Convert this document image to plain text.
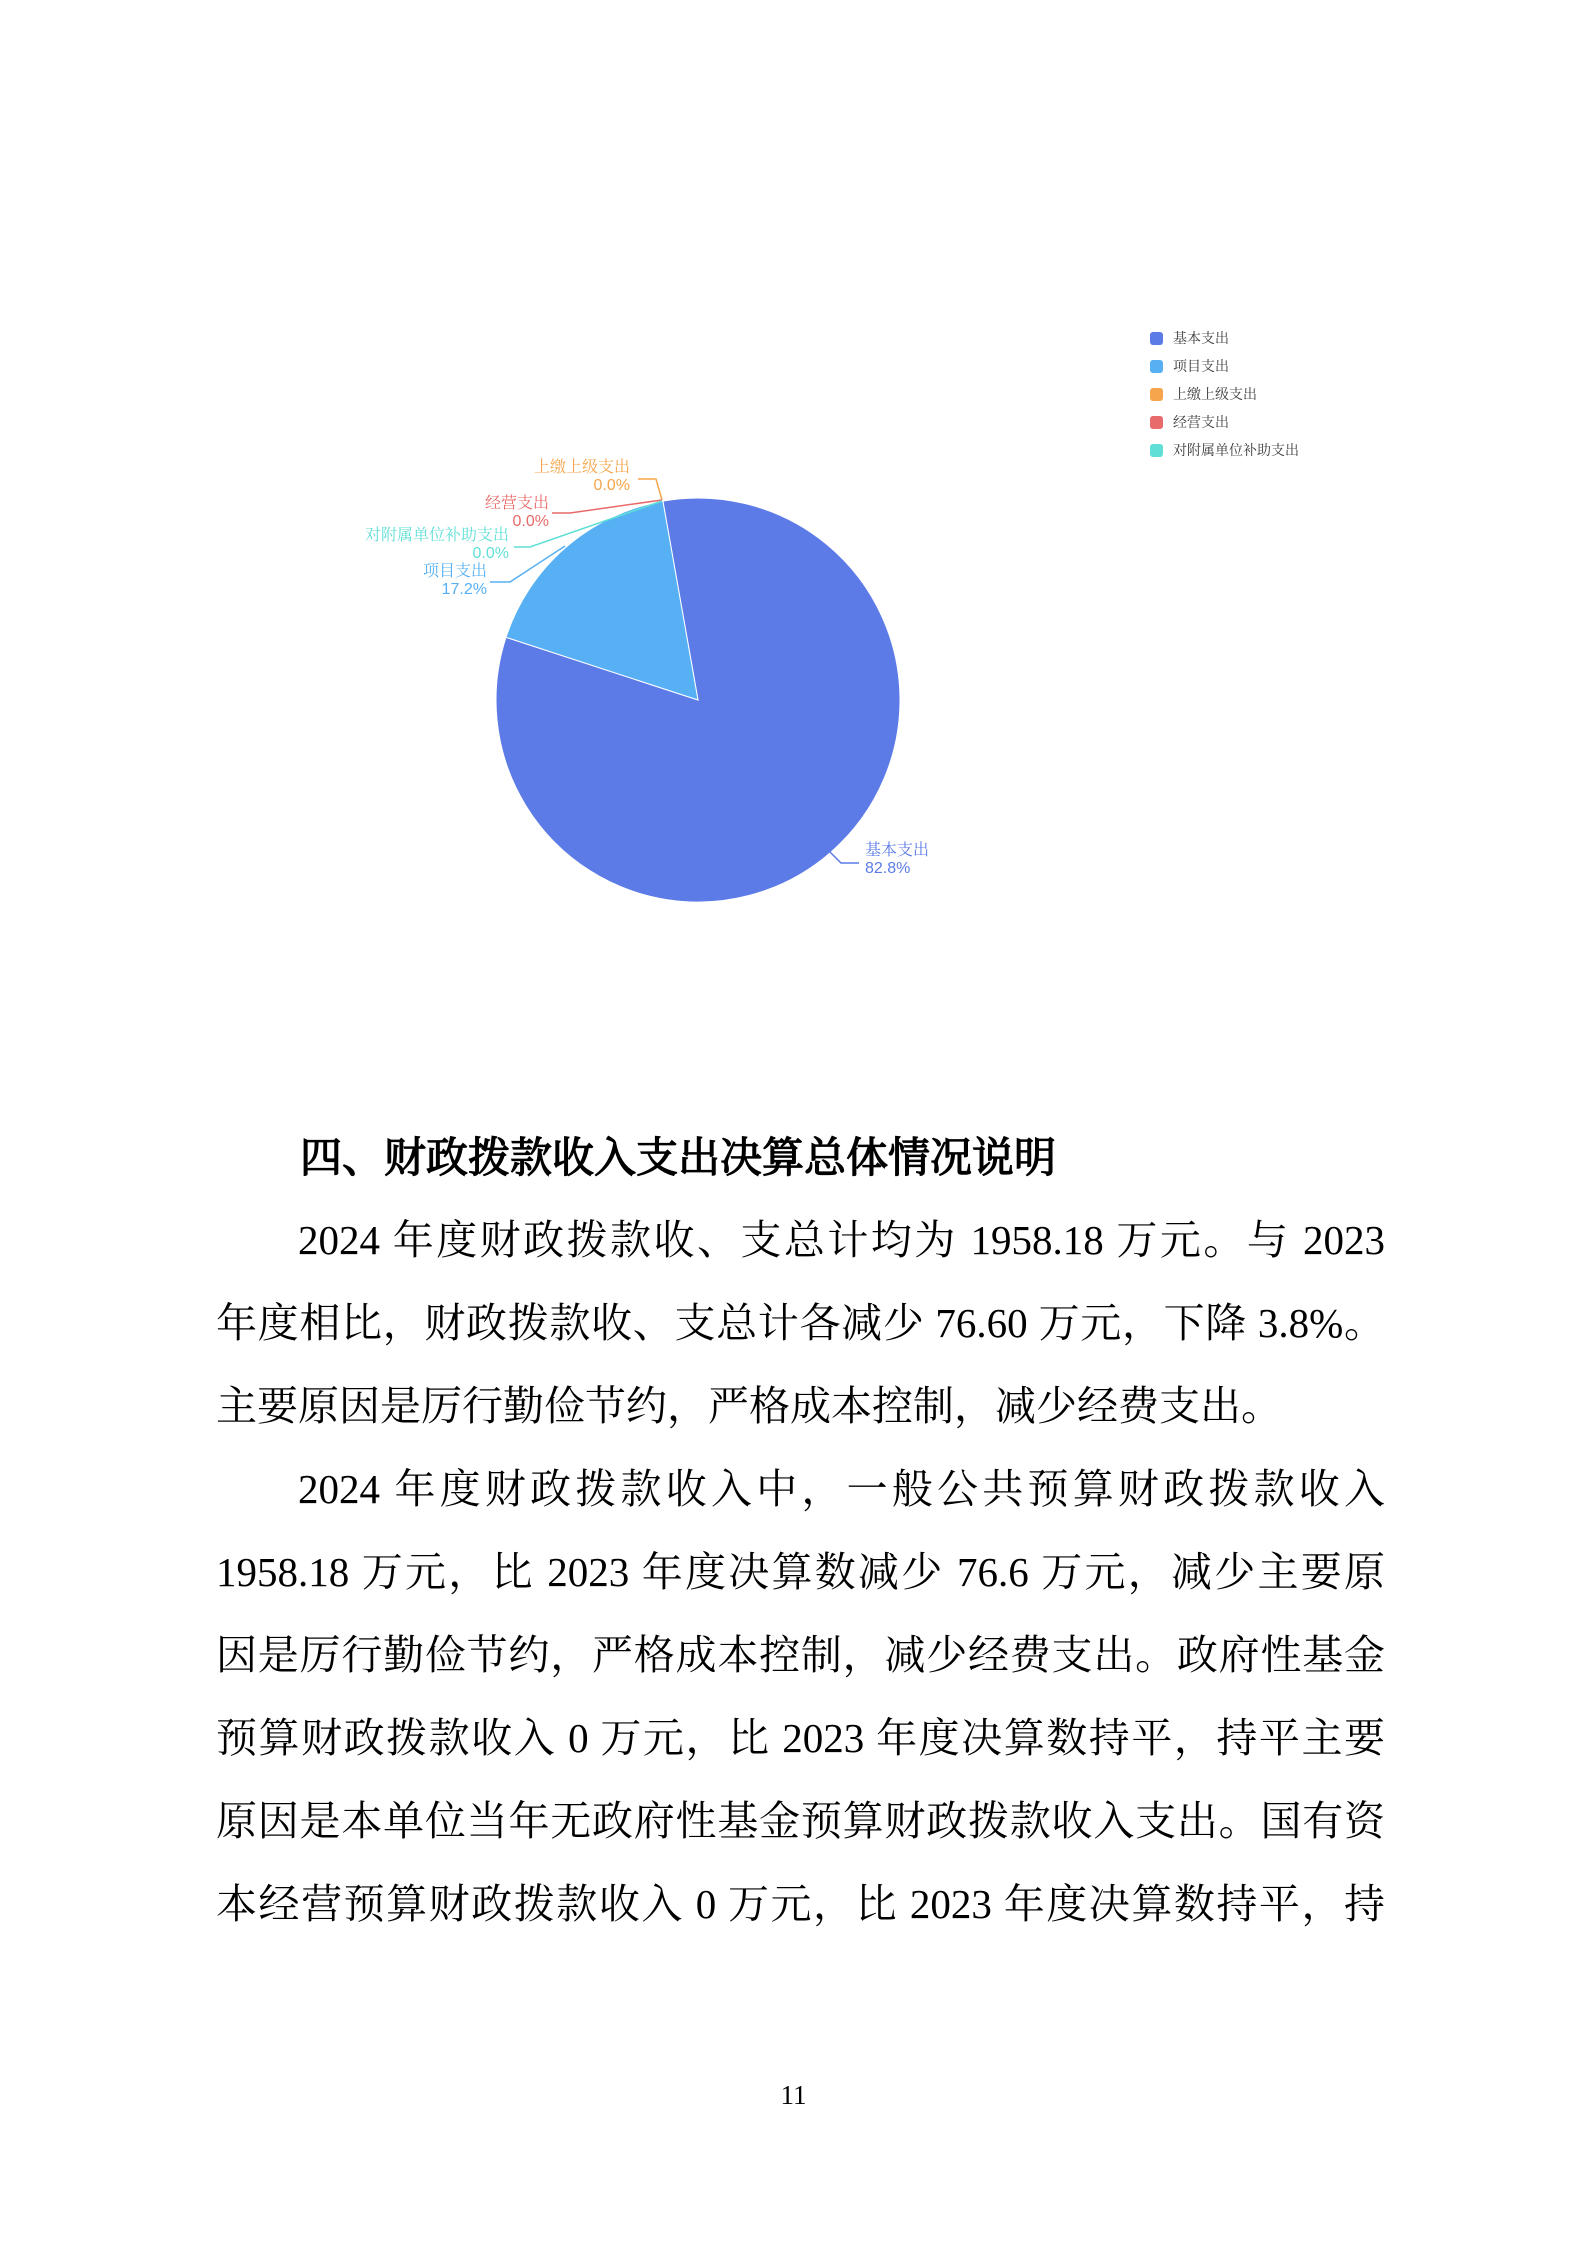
上缴上级支出
0.0%
经营支出
0.0%
对附属单位补助支出
0.0%
项目支出
17.2%
基本支出
82.8%
基本支出
项目支出
上缴上级支出
经营支出
对附属单位补助支出
四、财政拨款收入支出决算总体情况说明
2024 年度财政拨款收、支总计均为 1958.18 万元。与 2023
年度相比，财政拨款收、支总计各减少 76.60 万元，下降 3.8%。
主要原因是厉行勤俭节约，严格成本控制，减少经费支出。
2024 年度财政拨款收入中，一般公共预算财政拨款收入
1958.18 万元，比 2023 年度决算数减少 76.6 万元，减少主要原
因是厉行勤俭节约，严格成本控制，减少经费支出。政府性基金
预算财政拨款收入 0 万元，比 2023 年度决算数持平，持平主要
原因是本单位当年无政府性基金预算财政拨款收入支出。国有资
本经营预算财政拨款收入 0 万元，比 2023 年度决算数持平，持
11
